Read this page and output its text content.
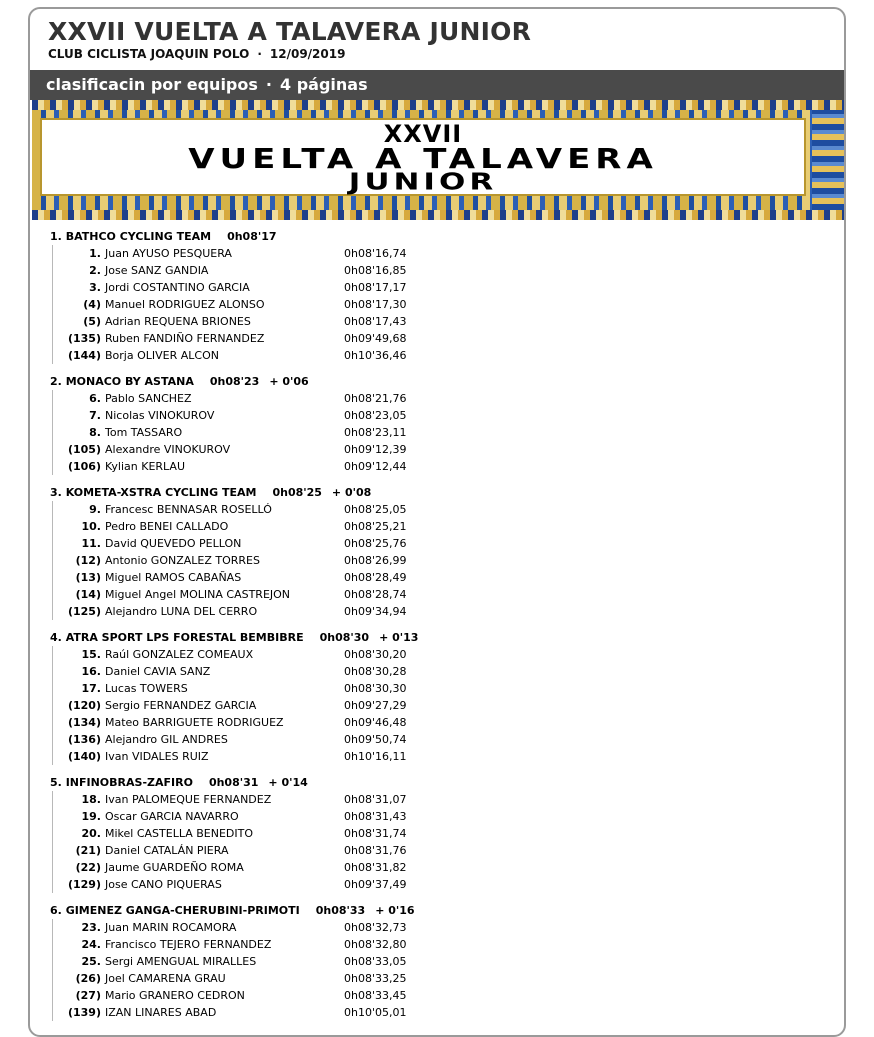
XXVII VUELTA A TALAVERA JUNIOR
CLUB CICLISTA JOAQUIN POLO · 12/09/2019
clasificacin por equipos · 4 páginas
XXVII
VUELTA A TALAVERA
JUNIOR
1. BATHCO CYCLING TEAM 0h08'17
1. Juan AYUSO PESQUERA	0h08'16,74
2. Jose SANZ GANDIA	0h08'16,85
3. Jordi COSTANTINO GARCIA	0h08'17,17
(4) Manuel RODRIGUEZ ALONSO	0h08'17,30
(5) Adrian REQUENA BRIONES	0h08'17,43
(135) Ruben FANDIÑO FERNANDEZ	0h09'49,68
(144) Borja OLIVER ALCON	0h10'36,46
2. MONACO BY ASTANA 0h08'23 + 0'06
6. Pablo SANCHEZ	0h08'21,76
7. Nicolas VINOKUROV	0h08'23,05
8. Tom TASSARO	0h08'23,11
(105) Alexandre VINOKUROV	0h09'12,39
(106) Kylian KERLAU	0h09'12,44
3. KOMETA-XSTRA CYCLING TEAM 0h08'25 + 0'08
9. Francesc BENNASAR ROSELLÓ	0h08'25,05
10. Pedro BENEI CALLADO	0h08'25,21
11. David QUEVEDO PELLON	0h08'25,76
(12) Antonio GONZALEZ TORRES	0h08'26,99
(13) Miguel RAMOS CABAÑAS	0h08'28,49
(14) Miguel Angel MOLINA CASTREJON	0h08'28,74
(125) Alejandro LUNA DEL CERRO	0h09'34,94
4. ATRA SPORT LPS FORESTAL BEMBIBRE 0h08'30 + 0'13
15. Raúl GONZALEZ COMEAUX	0h08'30,20
16. Daniel CAVIA SANZ	0h08'30,28
17. Lucas TOWERS	0h08'30,30
(120) Sergio FERNANDEZ GARCIA	0h09'27,29
(134) Mateo BARRIGUETE RODRIGUEZ	0h09'46,48
(136) Alejandro GIL ANDRES	0h09'50,74
(140) Ivan VIDALES RUIZ	0h10'16,11
5. INFINOBRAS-ZAFIRO 0h08'31 + 0'14
18. Ivan PALOMEQUE FERNANDEZ	0h08'31,07
19. Oscar GARCIA NAVARRO	0h08'31,43
20. Mikel CASTELLA BENEDITO	0h08'31,74
(21) Daniel CATALÁN PIERA	0h08'31,76
(22) Jaume GUARDEÑO ROMA	0h08'31,82
(129) Jose CANO PIQUERAS	0h09'37,49
6. GIMENEZ GANGA-CHERUBINI-PRIMOTI 0h08'33 + 0'16
23. Juan MARIN ROCAMORA	0h08'32,73
24. Francisco TEJERO FERNANDEZ	0h08'32,80
25. Sergi AMENGUAL MIRALLES	0h08'33,05
(26) Joel CAMARENA GRAU	0h08'33,25
(27) Mario GRANERO CEDRON	0h08'33,45
(139) IZAN LINARES ABAD	0h10'05,01
